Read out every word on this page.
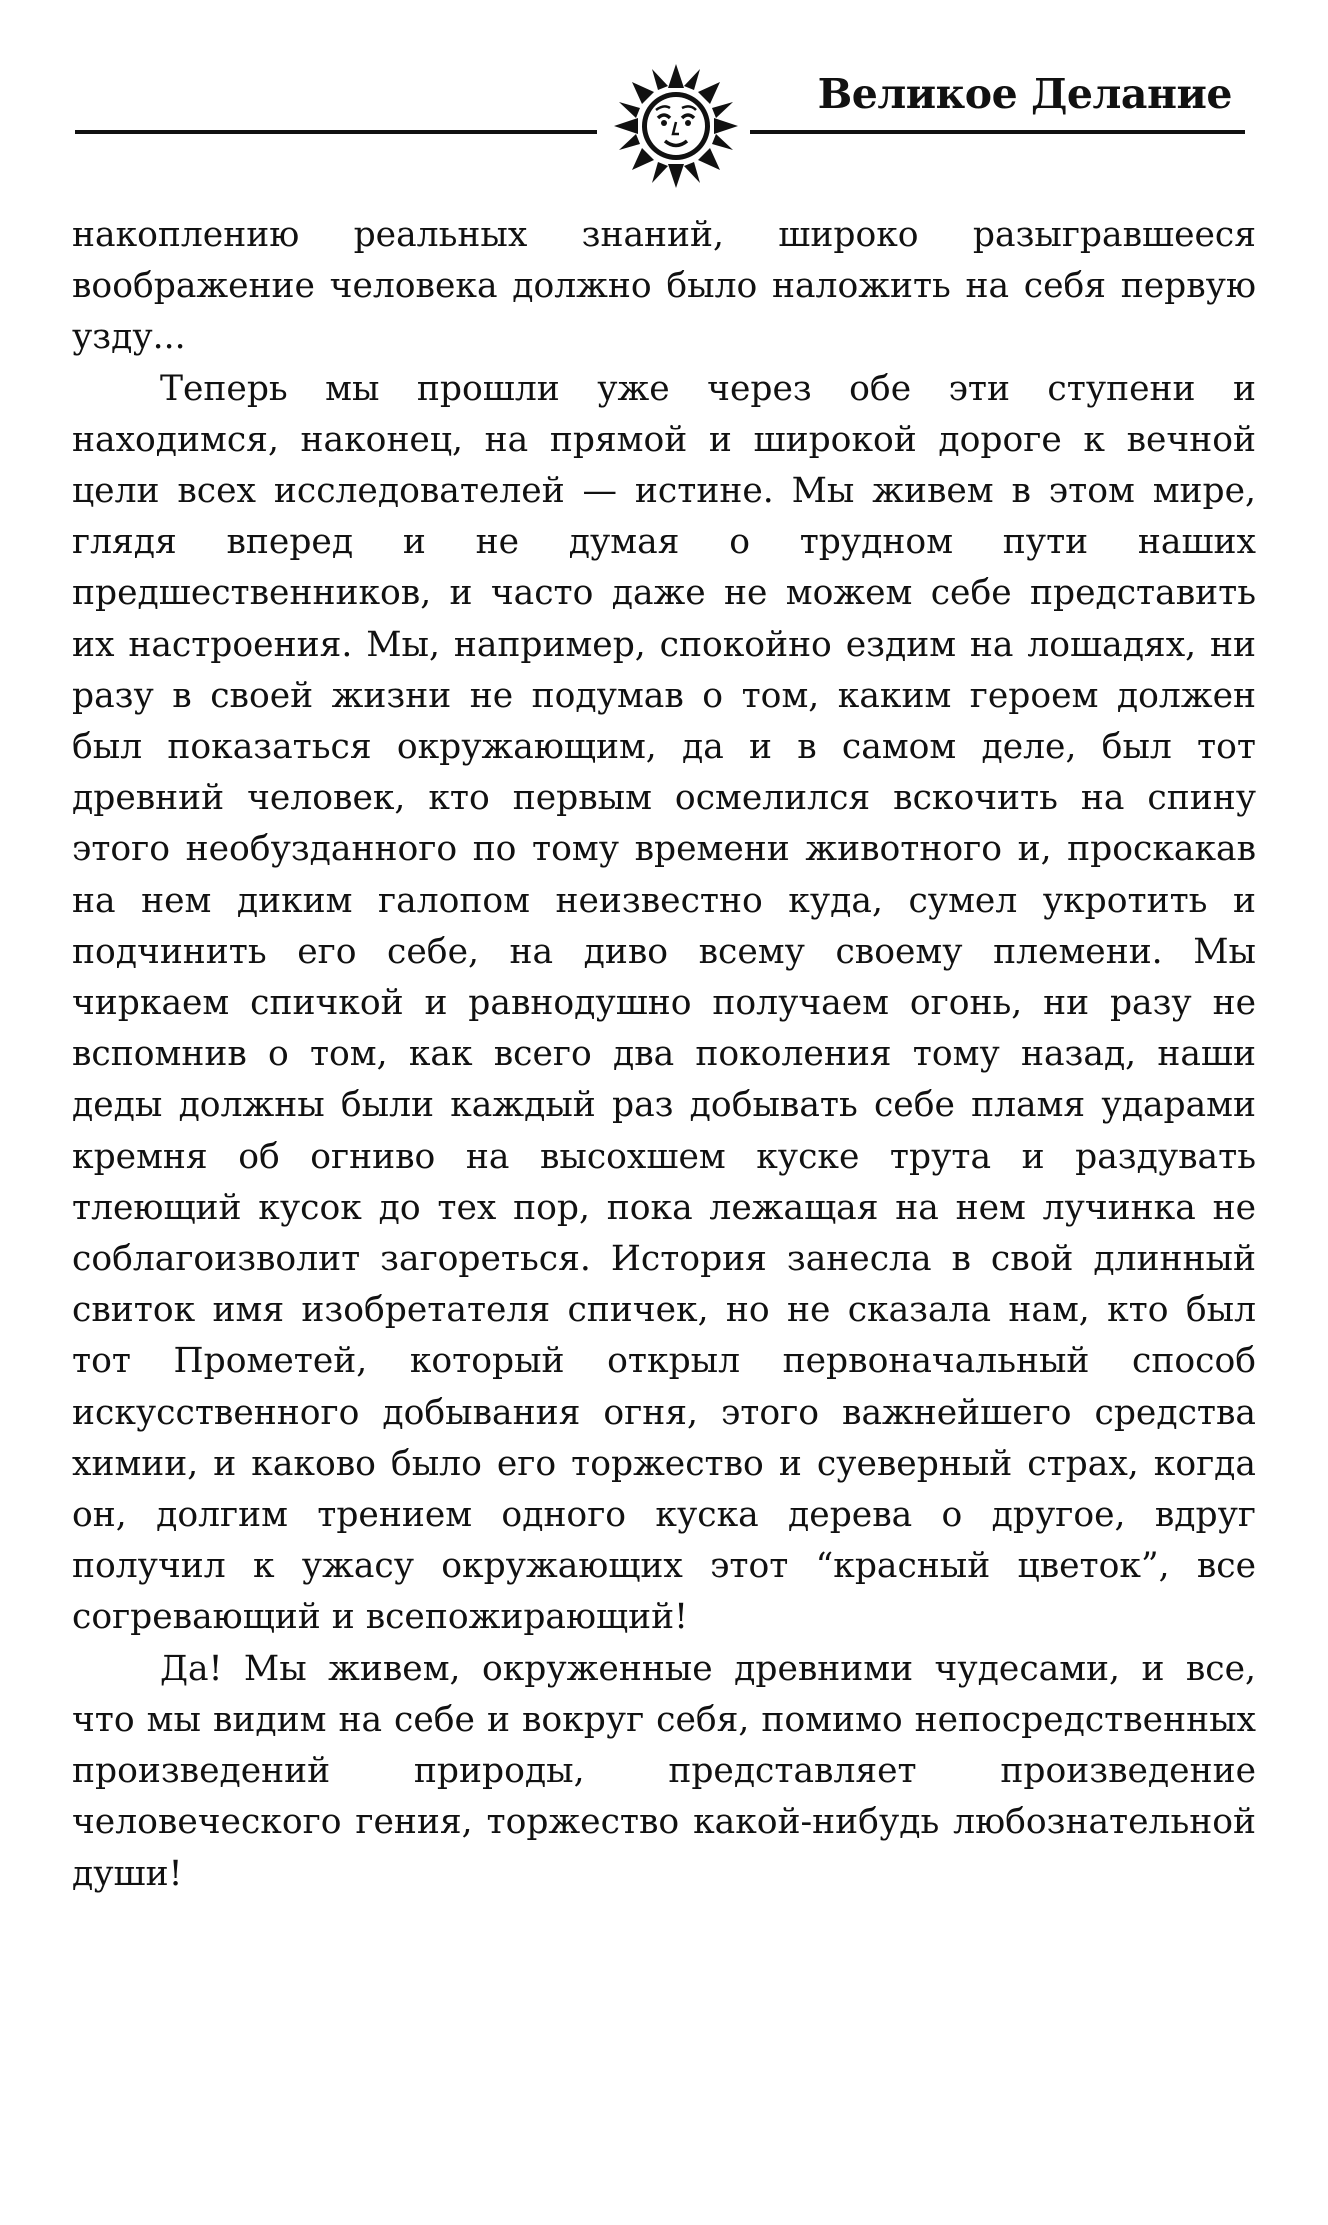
Великое Делание

накоплению реальных знаний, широко разыгравшееся воображение человека должно было наложить на себя первую узду...

Теперь мы прошли уже через обе эти ступени и находимся, наконец, на прямой и широкой дороге к вечной цели всех исследователей — истине. Мы живем в этом мире, глядя вперед и не думая о трудном пути наших предшественников, и часто даже не можем себе представить их настроения. Мы, например, спокойно ездим на лошадях, ни разу в своей жизни не подумав о том, каким героем должен был показаться окружающим, да и в самом деле, был тот древний человек, кто первым осмелился вскочить на спину этого необузданного по тому времени животного и, проскакав на нем диким галопом неизвестно куда, сумел укротить и подчинить его себе, на диво всему своему племени. Мы чиркаем спичкой и равнодушно получаем огонь, ни разу не вспомнив о том, как всего два поколения тому назад, наши деды должны были каждый раз добывать себе пламя ударами кремня об огниво на высохшем куске трута и раздувать тлеющий кусок до тех пор, пока лежащая на нем лучинка не соблагоизволит загореться. История занесла в свой длинный свиток имя изобретателя спичек, но не сказала нам, кто был тот Прометей, который открыл первоначальный способ искусственного добывания огня, этого важнейшего средства химии, и каково было его торжество и суеверный страх, когда он, долгим трением одного куска дерева о другое, вдруг получил к ужасу окружающих этот “красный цветок”, все согревающий и всепожирающий!

Да! Мы живем, окруженные древними чудесами, и все, что мы видим на себе и вокруг себя, помимо непосредственных произведений природы, представляет произведение человеческого гения, торжество какой-нибудь любознательной души!
